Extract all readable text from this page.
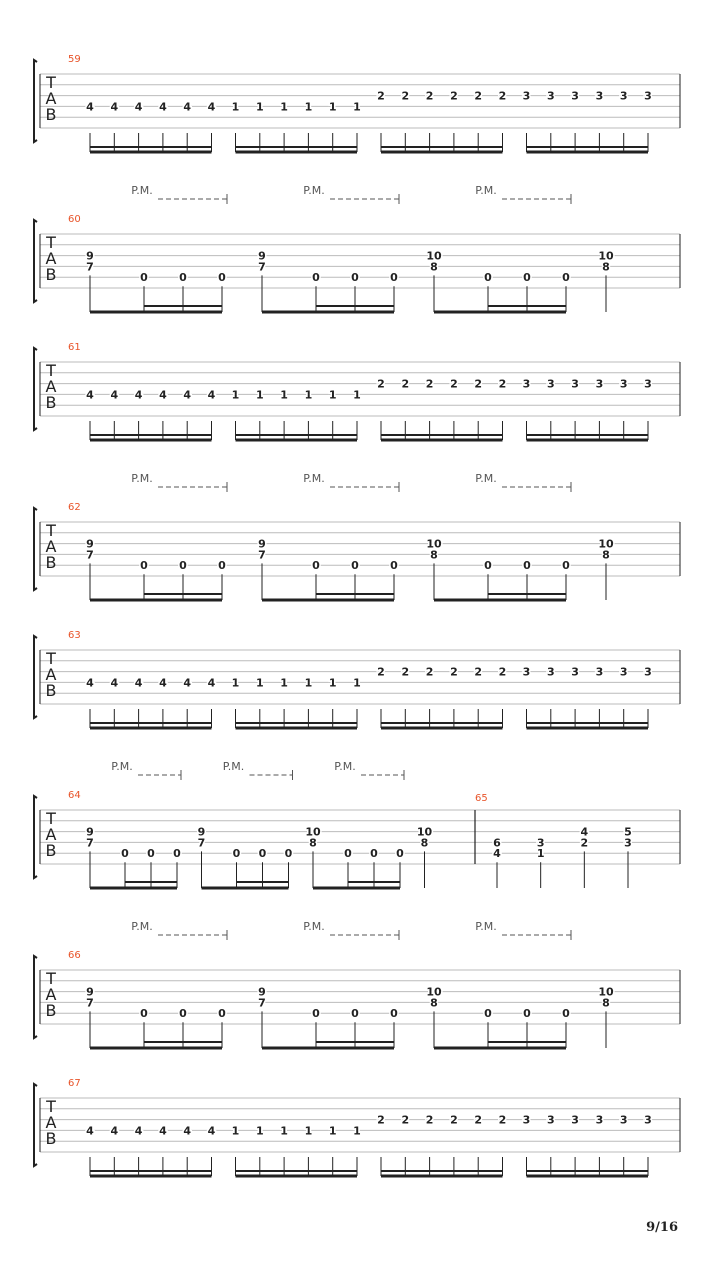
T
A
B
59
4 4 4 4 4 4 1 1 1 1 1 1
2 2 2 2 2 2 3 3 3 3 3 3
T
A
B
60
9
7
0	0	0
P.M.
9
7
0	0	0
P.M.
10
8
0	0	0
P.M.
10
8
T
A
B
61
4 4 4 4 4 4 1 1 1 1 1 1
2 2 2 2 2 2 3 3 3 3 3 3
T
A
B
62
9
7
0	0	0
P.M.
9
7
0	0	0
P.M.
10
8
0	0	0
P.M.
10
8
T
A
B
63
4 4 4 4 4 4 1 1 1 1 1 1
2 2 2 2 2 2 3 3 3 3 3 3
T
A
B
64
9
7
0 0 0
P.M.
9
7
0 0 0
P.M.
10
8
0 0 0
P.M.
10
8
65
6
4
3
1
4
2
5
3
T
A
B
66
9
7
0	0	0
P.M.
9
7
0	0	0
P.M.
10
8
0	0	0
P.M.
10
8
T
A
B
67
4 4 4 4 4 4 1 1 1 1 1 1
2 2 2 2 2 2 3 3 3 3 3 3
9/16
